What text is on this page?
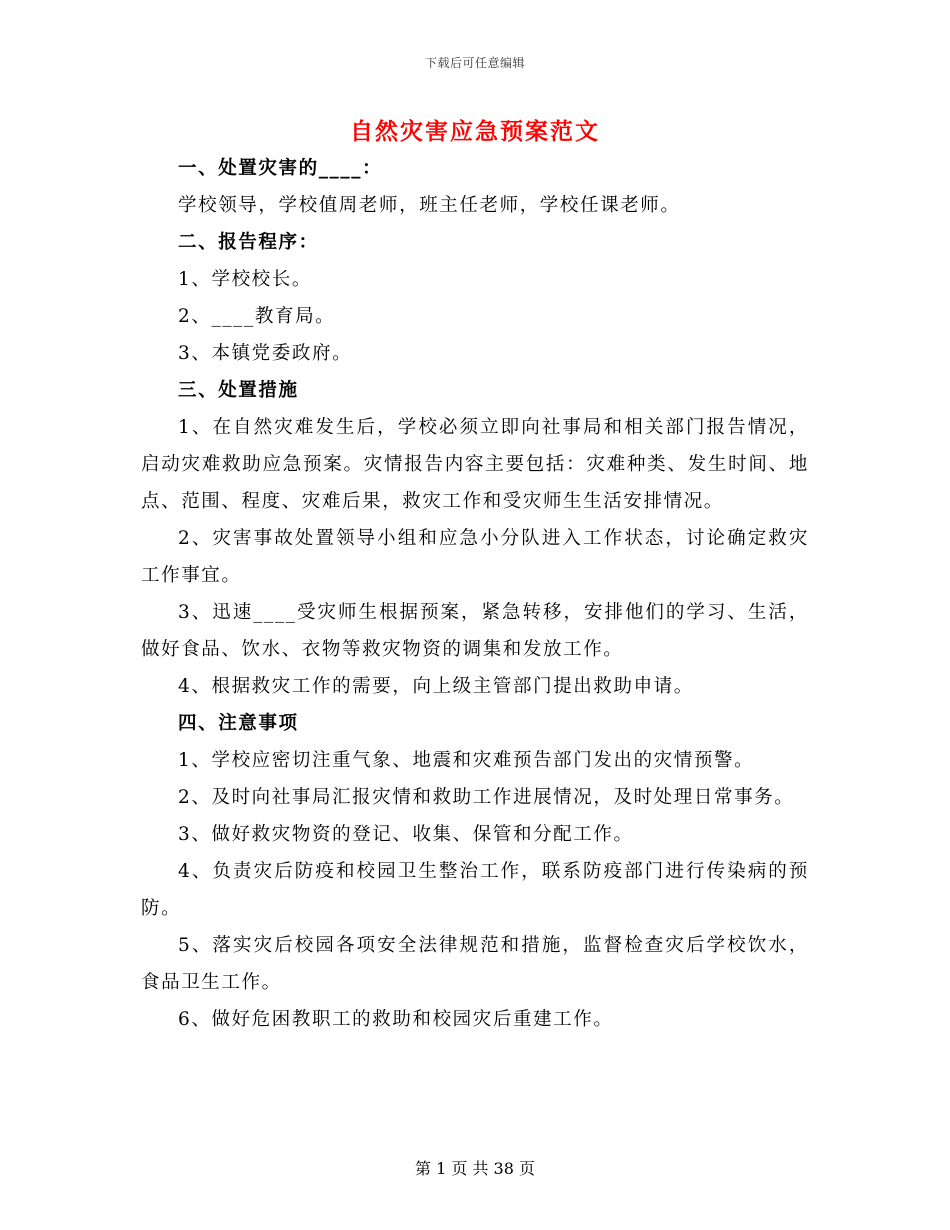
下载后可任意编辑
自然灾害应急预案范文

一、处置灾害的____：

学校领导，学校值周老师，班主任老师，学校任课老师。

二、报告程序：

1、学校校长。

2、____教育局。

3、本镇党委政府。

三、处置措施

1、在自然灾难发生后，学校必须立即向社事局和相关部门报告情况，启动灾难救助应急预案。灾情报告内容主要包括：灾难种类、发生时间、地点、范围、程度、灾难后果，救灾工作和受灾师生生活安排情况。

2、灾害事故处置领导小组和应急小分队进入工作状态，讨论确定救灾工作事宜。

3、迅速____受灾师生根据预案，紧急转移，安排他们的学习、生活，做好食品、饮水、衣物等救灾物资的调集和发放工作。

4、根据救灾工作的需要，向上级主管部门提出救助申请。

四、注意事项

1、学校应密切注重气象、地震和灾难预告部门发出的灾情预警。

2、及时向社事局汇报灾情和救助工作进展情况，及时处理日常事务。

3、做好救灾物资的登记、收集、保管和分配工作。

4、负责灾后防疫和校园卫生整治工作，联系防疫部门进行传染病的预防。

5、落实灾后校园各项安全法律规范和措施，监督检查灾后学校饮水，食品卫生工作。

6、做好危困教职工的救助和校园灾后重建工作。

第 1 页 共 38 页
